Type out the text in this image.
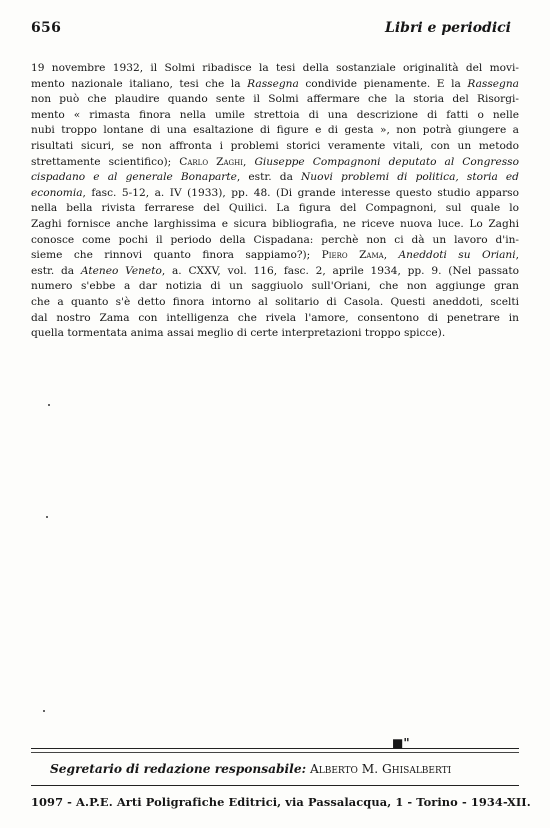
656	Libri e periodici
19 novembre 1932, il Solmi ribadisce la tesi della sostanziale originalità del movi-
mento nazionale italiano, tesi che la Rassegna condivide pienamente. E la Rassegna
non può che plaudire quando sente il Solmi affermare che la storia del Risorgi-
mento « rimasta finora nella umile strettoia di una descrizione di fatti o nelle
nubi troppo lontane di una esaltazione di figure e di gesta », non potrà giungere a
risultati sicuri, se non affronta i problemi storici veramente vitali, con un metodo
strettamente scientifico); Carlo Zaghi, Giuseppe Compagnoni deputato al Congresso
cispadano e al generale Bonaparte, estr. da Nuovi problemi di politica, storia ed
economia, fasc. 5-12, a. IV (1933), pp. 48. (Di grande interesse questo studio apparso
nella bella rivista ferrarese del Quilici. La figura del Compagnoni, sul quale lo
Zaghi fornisce anche larghissima e sicura bibliografia, ne riceve nuova luce. Lo Zaghi
conosce come pochi il periodo della Cispadana: perchè non ci dà un lavoro d'in-
sieme che rinnovi quanto finora sappiamo?); Piero Zama, Aneddoti su Oriani,
estr. da Ateneo Veneto, a. CXXV, vol. 116, fasc. 2, aprile 1934, pp. 9. (Nel passato
numero s'ebbe a dar notizia di un saggiuolo sull'Oriani, che non aggiunge gran
che a quanto s'è detto finora intorno al solitario di Casola. Questi aneddoti, scelti
dal nostro Zama con intelligenza che rivela l'amore, consentono di penetrare in
quella tormentata anima assai meglio di certe interpretazioni troppo spicce).
■"
Segretario di redazione responsabile: Alberto M. Ghisalberti
1097 - A.P.E. Arti Poligrafiche Editrici, via Passalacqua, 1 - Torino - 1934-XII.
